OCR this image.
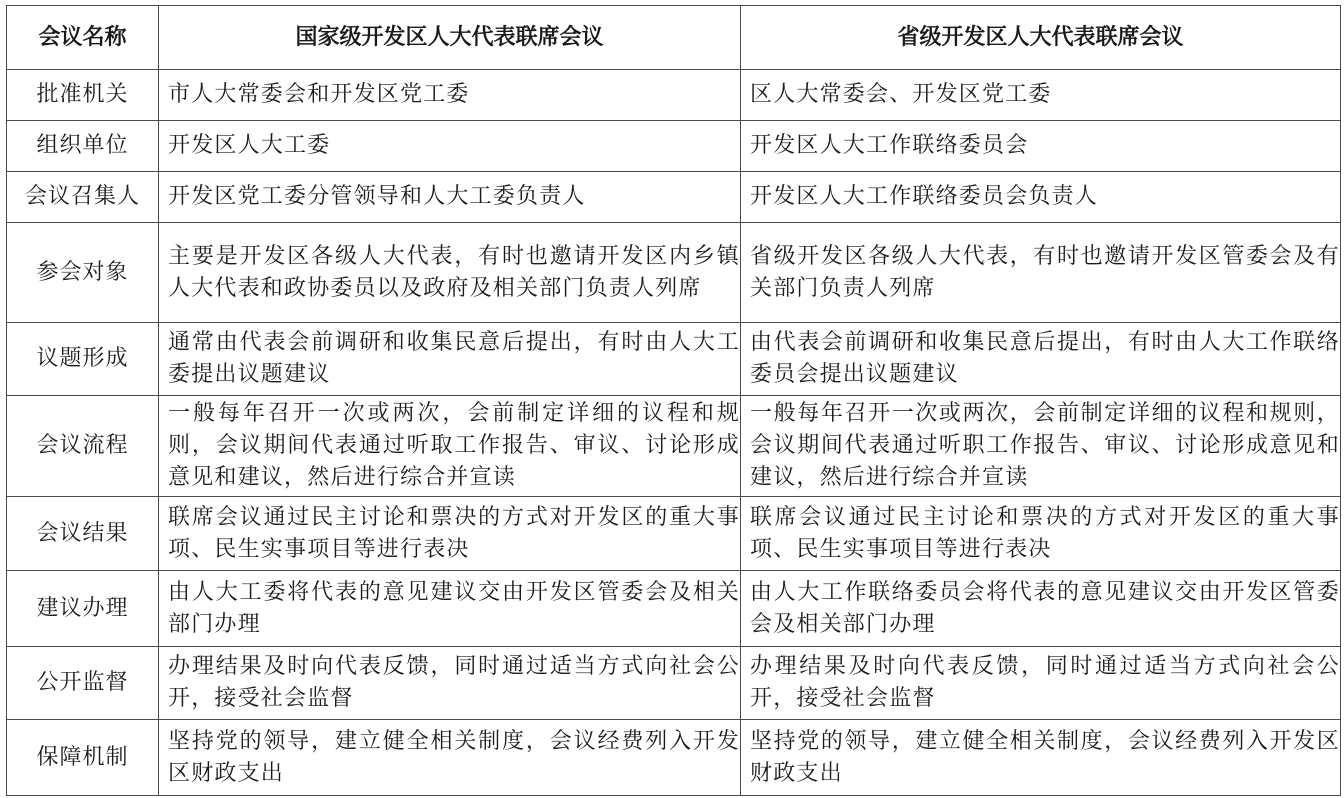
会议名称	国家级开发区人大代表联席会议	省级开发区人大代表联席会议
批准机关	市人大常委会和开发区党工委	区人大常委会、开发区党工委
组织单位	开发区人大工委	开发区人大工作联络委员会
会议召集人	开发区党工委分管领导和人大工委负责人	开发区人大工作联络委员会负责人
参会对象	主要是开发区各级人大代表，有时也邀请开发区内乡镇人大代表和政协委员以及政府及相关部门负责人列席	省级开发区各级人大代表，有时也邀请开发区管委会及有关部门负责人列席
议题形成	通常由代表会前调研和收集民意后提出，有时由人大工委提出议题建议	由代表会前调研和收集民意后提出，有时由人大工作联络委员会提出议题建议
会议流程	一般每年召开一次或两次，会前制定详细的议程和规则，会议期间代表通过听取工作报告、审议、讨论形成意见和建议，然后进行综合并宣读	一般每年召开一次或两次，会前制定详细的议程和规则，会议期间代表通过听职工作报告、审议、讨论形成意见和建议，然后进行综合并宣读
会议结果	联席会议通过民主讨论和票决的方式对开发区的重大事项、民生实事项目等进行表决	联席会议通过民主讨论和票决的方式对开发区的重大事项、民生实事项目等进行表决
建议办理	由人大工委将代表的意见建议交由开发区管委会及相关部门办理	由人大工作联络委员会将代表的意见建议交由开发区管委会及相关部门办理
公开监督	办理结果及时向代表反馈，同时通过适当方式向社会公开，接受社会监督	办理结果及时向代表反馈，同时通过适当方式向社会公开，接受社会监督
保障机制	坚持党的领导，建立健全相关制度，会议经费列入开发区财政支出	坚持党的领导，建立健全相关制度，会议经费列入开发区财政支出
